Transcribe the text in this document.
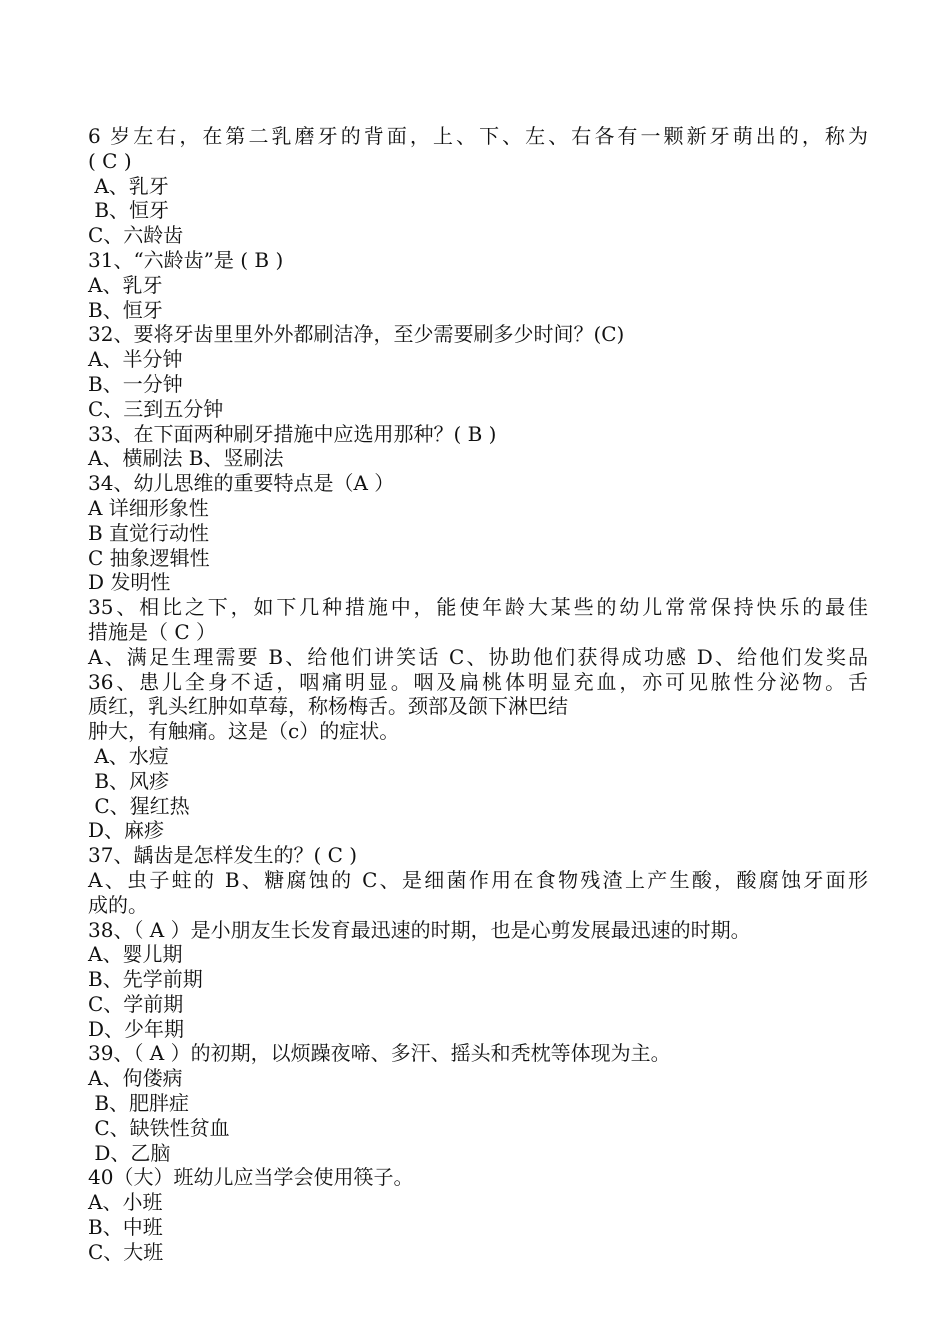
6 岁左右，在第二乳磨牙的背面，上、下、左、右各有一颗新牙萌出的，称为
( C )
A、乳牙
B、恒牙
C、六龄齿
31、“六龄齿”是 ( B )
A、乳牙
B、恒牙
32、要将牙齿里里外外都刷洁净，至少需要刷多少时间？(C)
A、半分钟
B、一分钟
C、三到五分钟
33、在下面两种刷牙措施中应选用那种？( B )
A、横刷法 B、竖刷法
34、幼儿思维的重要特点是（A ）
A 详细形象性
B 直觉行动性
C 抽象逻辑性
D 发明性
35、相比之下，如下几种措施中，能使年龄大某些的幼儿常常保持快乐的最佳
措施是（ C ）
A、满足生理需要 B、给他们讲笑话 C、协助他们获得成功感 D、给他们发奖品
36、患儿全身不适，咽痛明显。咽及扁桃体明显充血，亦可见脓性分泌物。舌
质红，乳头红肿如草莓，称杨梅舌。颈部及颌下淋巴结
肿大，有触痛。这是（c）的症状。
A、水痘
B、风疹
C、猩红热
D、麻疹
37、龋齿是怎样发生的？( C )
A、虫子蛀的 B、糖腐蚀的 C、是细菌作用在食物残渣上产生酸，酸腐蚀牙面形
成的。
38、（ A ）是小朋友生长发育最迅速的时期，也是心剪发展最迅速的时期。
A、婴儿期
B、先学前期
C、学前期
D、少年期
39、（ A ）的初期，以烦躁夜啼、多汗、摇头和秃枕等体现为主。
A、佝偻病
B、肥胖症
C、缺铁性贫血
D、乙脑
40（大）班幼儿应当学会使用筷子。
A、小班
B、中班
C、大班
